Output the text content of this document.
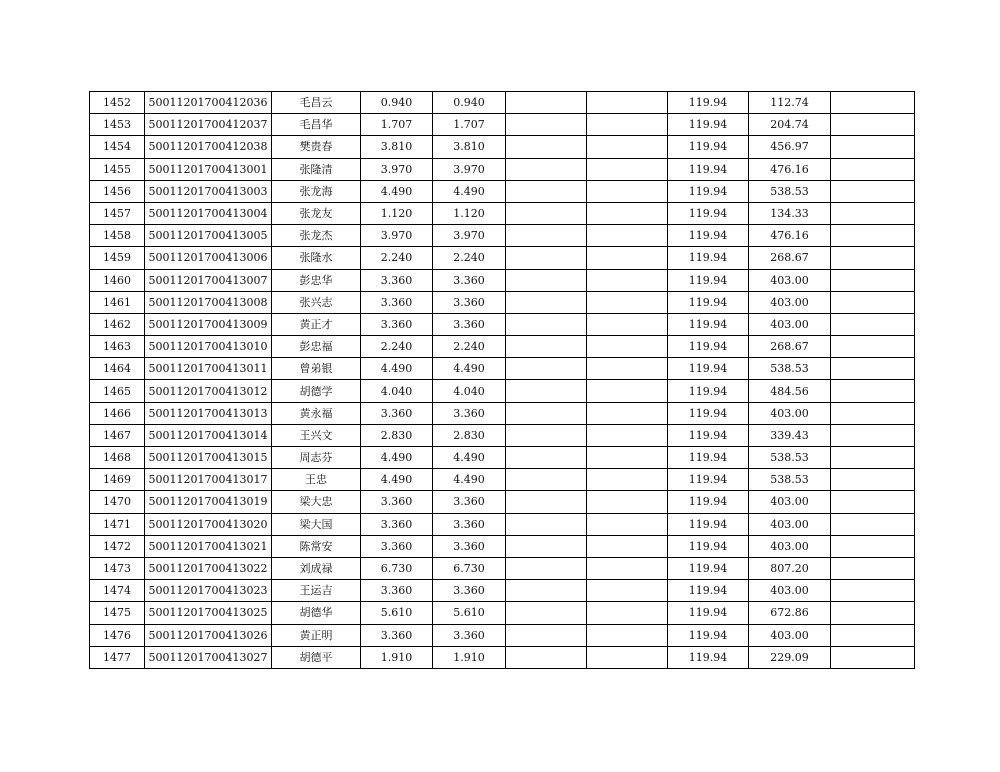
1452	50011201700412036	毛昌云	0.940	0.940			119.94	112.74	
1453	50011201700412037	毛昌华	1.707	1.707			119.94	204.74	
1454	50011201700412038	樊贵春	3.810	3.810			119.94	456.97	
1455	50011201700413001	张隆清	3.970	3.970			119.94	476.16	
1456	50011201700413003	张龙海	4.490	4.490			119.94	538.53	
1457	50011201700413004	张龙友	1.120	1.120			119.94	134.33	
1458	50011201700413005	张龙杰	3.970	3.970			119.94	476.16	
1459	50011201700413006	张隆水	2.240	2.240			119.94	268.67	
1460	50011201700413007	彭忠华	3.360	3.360			119.94	403.00	
1461	50011201700413008	张兴志	3.360	3.360			119.94	403.00	
1462	50011201700413009	黄正才	3.360	3.360			119.94	403.00	
1463	50011201700413010	彭忠福	2.240	2.240			119.94	268.67	
1464	50011201700413011	曾弟银	4.490	4.490			119.94	538.53	
1465	50011201700413012	胡德学	4.040	4.040			119.94	484.56	
1466	50011201700413013	黄永福	3.360	3.360			119.94	403.00	
1467	50011201700413014	王兴文	2.830	2.830			119.94	339.43	
1468	50011201700413015	周志芬	4.490	4.490			119.94	538.53	
1469	50011201700413017	王忠	4.490	4.490			119.94	538.53	
1470	50011201700413019	梁大忠	3.360	3.360			119.94	403.00	
1471	50011201700413020	梁大国	3.360	3.360			119.94	403.00	
1472	50011201700413021	陈常安	3.360	3.360			119.94	403.00	
1473	50011201700413022	刘成禄	6.730	6.730			119.94	807.20	
1474	50011201700413023	王运吉	3.360	3.360			119.94	403.00	
1475	50011201700413025	胡德华	5.610	5.610			119.94	672.86	
1476	50011201700413026	黄正明	3.360	3.360			119.94	403.00	
1477	50011201700413027	胡德平	1.910	1.910			119.94	229.09	
